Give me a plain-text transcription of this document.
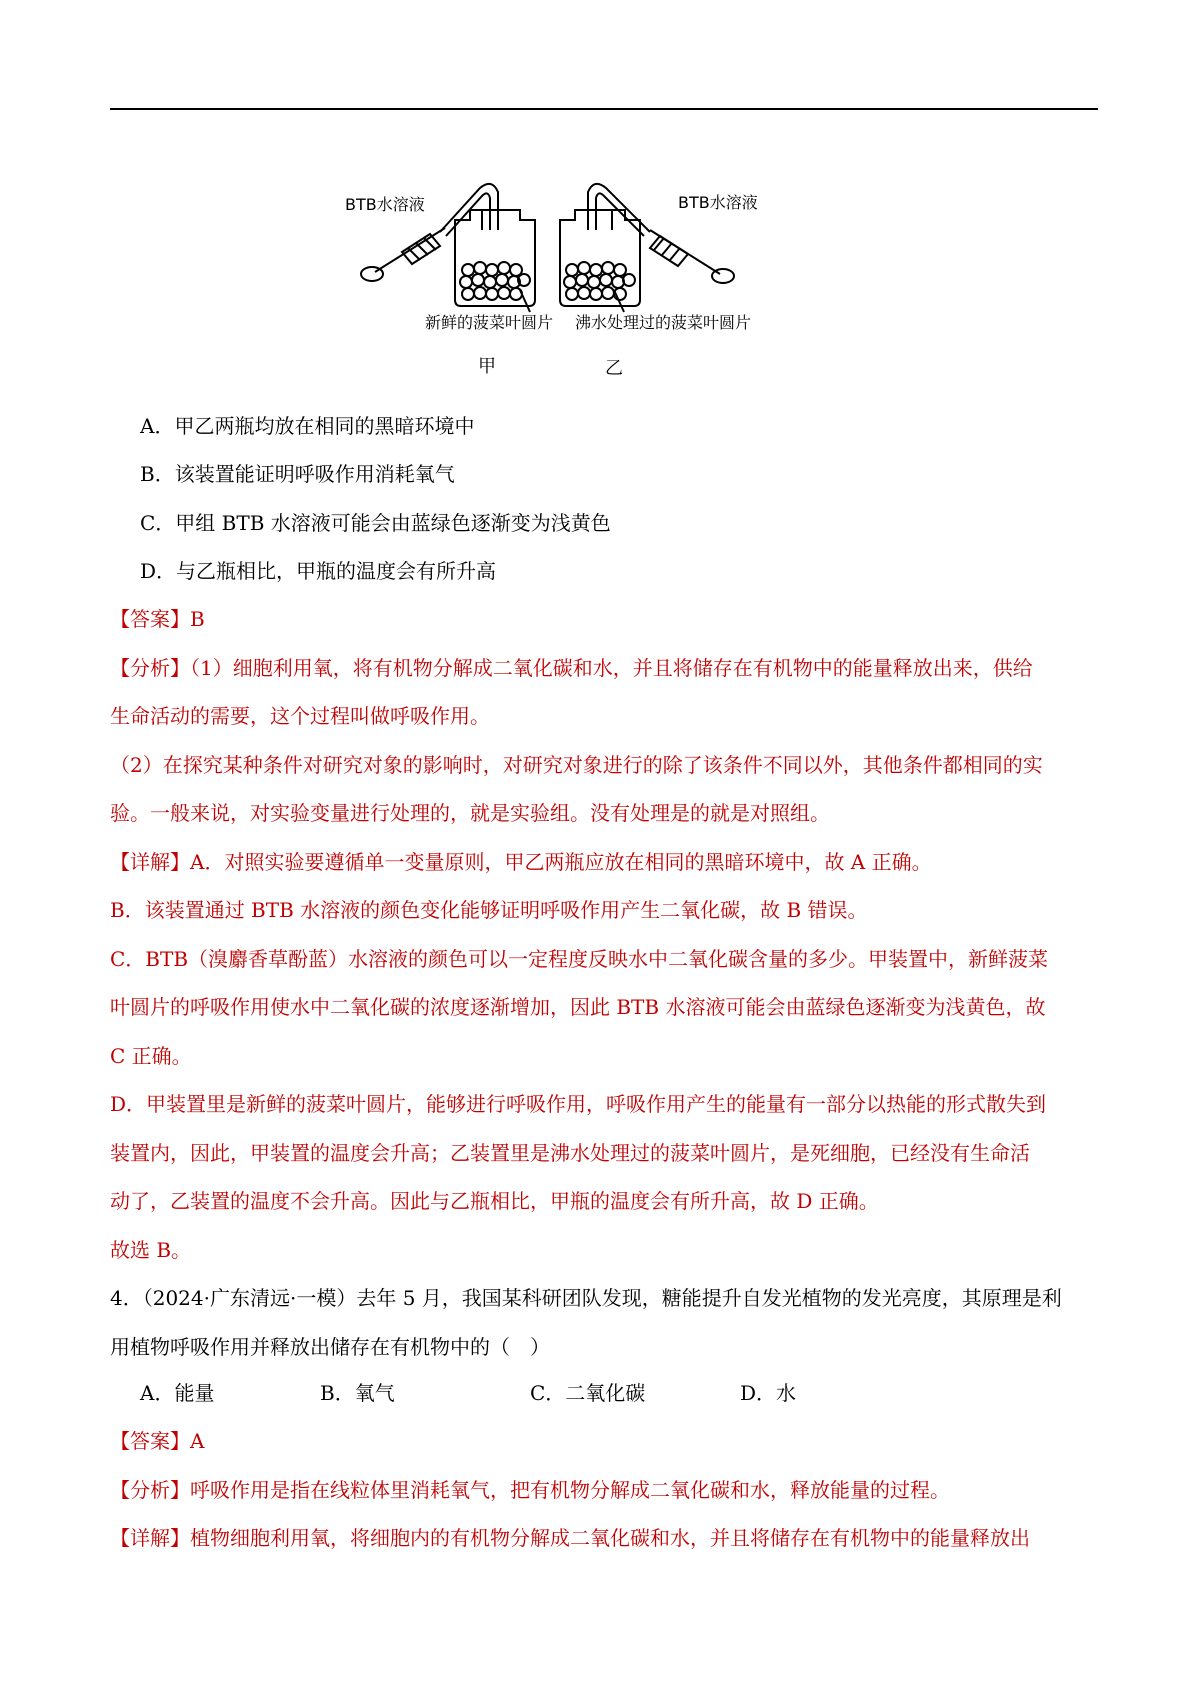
BTB水溶液	BTB水溶液
新鲜的菠菜叶圆片 沸水处理过的菠菜叶圆片
甲	乙
A．甲乙两瓶均放在相同的黑暗环境中
B．该装置能证明呼吸作用消耗氧气
C．甲组 BTB 水溶液可能会由蓝绿色逐渐变为浅黄色
D．与乙瓶相比，甲瓶的温度会有所升高
【答案】B
【分析】（1）细胞利用氧，将有机物分解成二氧化碳和水，并且将储存在有机物中的能量释放出来，供给
生命活动的需要，这个过程叫做呼吸作用。
（2）在探究某种条件对研究对象的影响时，对研究对象进行的除了该条件不同以外，其他条件都相同的实
验。一般来说，对实验变量进行处理的，就是实验组。没有处理是的就是对照组。
【详解】A．对照实验要遵循单一变量原则，甲乙两瓶应放在相同的黑暗环境中，故 A 正确。
B．该装置通过 BTB 水溶液的颜色变化能够证明呼吸作用产生二氧化碳，故 B 错误。
C．BTB（溴麝香草酚蓝）水溶液的颜色可以一定程度反映水中二氧化碳含量的多少。甲装置中，新鲜菠菜
叶圆片的呼吸作用使水中二氧化碳的浓度逐渐增加，因此 BTB 水溶液可能会由蓝绿色逐渐变为浅黄色，故
C 正确。
D．甲装置里是新鲜的菠菜叶圆片，能够进行呼吸作用，呼吸作用产生的能量有一部分以热能的形式散失到
装置内，因此，甲装置的温度会升高；乙装置里是沸水处理过的菠菜叶圆片，是死细胞，已经没有生命活
动了，乙装置的温度不会升高。因此与乙瓶相比，甲瓶的温度会有所升高，故 D 正确。
故选 B。
4．（2024·广东清远·一模）去年 5 月，我国某科研团队发现，糖能提升自发光植物的发光亮度，其原理是利
用植物呼吸作用并释放出储存在有机物中的（　）
A．能量	B．氧气	C．二氧化碳	D．水
【答案】A
【分析】呼吸作用是指在线粒体里消耗氧气，把有机物分解成二氧化碳和水，释放能量的过程。
【详解】植物细胞利用氧，将细胞内的有机物分解成二氧化碳和水，并且将储存在有机物中的能量释放出
